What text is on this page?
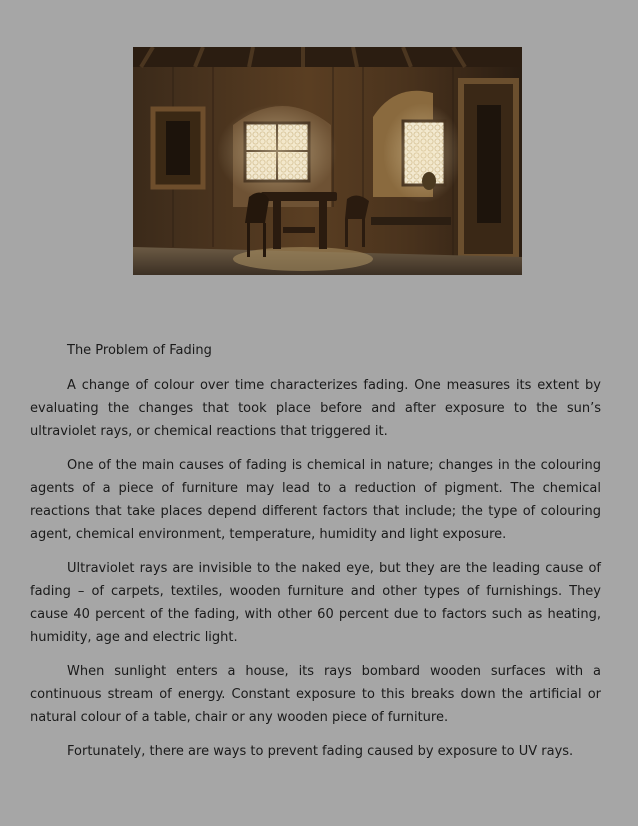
The Problem of Fading

A change of colour over time characterizes fading. One measures its extent by evaluating the changes that took place before and after exposure to the sun’s ultraviolet rays, or chemical reactions that triggered it.

One of the main causes of fading is chemical in nature; changes in the colouring agents of a piece of furniture may lead to a reduction of pigment. The chemical reactions that take places depend different factors that include; the type of colouring agent, chemical environment, temperature, humidity and light exposure.

Ultraviolet rays are invisible to the naked eye, but they are the leading cause of fading – of carpets, textiles, wooden furniture and other types of furnishings. They cause 40 percent of the fading, with other 60 percent due to factors such as heating, humidity, age and electric light.

When sunlight enters a house, its rays bombard wooden surfaces with a continuous stream of energy. Constant exposure to this breaks down the artificial or natural colour of a table, chair or any wooden piece of furniture.

Fortunately, there are ways to prevent fading caused by exposure to UV rays.
